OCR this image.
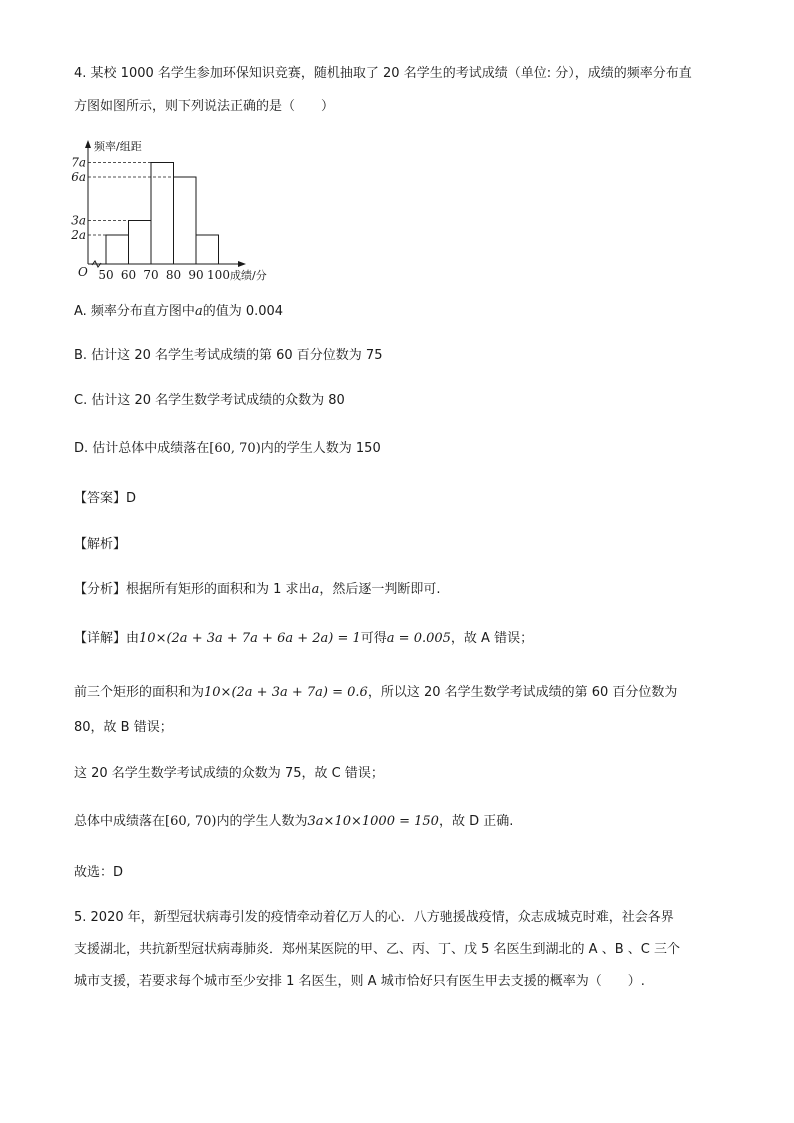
4. 某校 1000 名学生参加环保知识竞赛，随机抽取了 20 名学生的考试成绩（单位: 分），成绩的频率分布直
方图如图所示，则下列说法正确的是（　　）
2a
3a
6a
7a
50 60 70 80 90 100
O
频率/组距
成绩/分
A. 频率分布直方图中a的值为 0.004
B. 估计这 20 名学生考试成绩的第 60 百分位数为 75
C. 估计这 20 名学生数学考试成绩的众数为 80
D. 估计总体中成绩落在[60, 70)内的学生人数为 150
【答案】D
【解析】
【分析】根据所有矩形的面积和为 1 求出a，然后逐一判断即可.
【详解】由10×(2a + 3a + 7a + 6a + 2a) = 1可得a = 0.005，故 A 错误；
前三个矩形的面积和为10×(2a + 3a + 7a) = 0.6，所以这 20 名学生数学考试成绩的第 60 百分位数为
80，故 B 错误；
这 20 名学生数学考试成绩的众数为 75，故 C 错误；
总体中成绩落在[60, 70)内的学生人数为3a×10×1000 = 150，故 D 正确.
故选：D
5. 2020 年，新型冠状病毒引发的疫情牵动着亿万人的心．八方驰援战疫情，众志成城克时难，社会各界
支援湖北，共抗新型冠状病毒肺炎．郑州某医院的甲、乙、丙、丁、戊 5 名医生到湖北的 A 、B 、C 三个
城市支援，若要求每个城市至少安排 1 名医生，则 A 城市恰好只有医生甲去支援的概率为（　　）.
